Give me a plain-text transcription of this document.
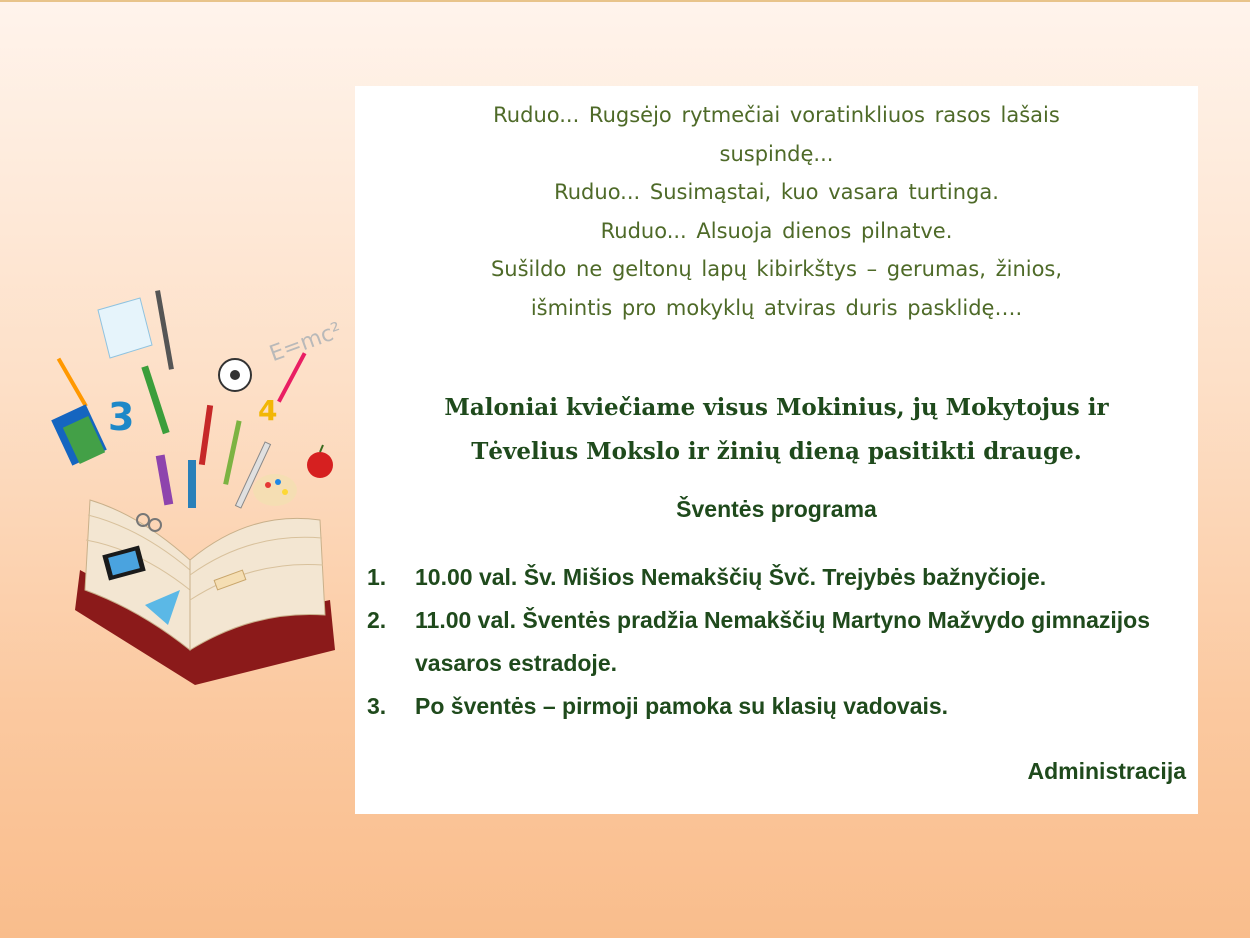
3	4
E=mc²
Ruduo... Rugsėjo rytmečiai voratinkliuos rasos lašais
suspindę...
Ruduo... Susimąstai, kuo vasara turtinga.
Ruduo... Alsuoja dienos pilnatve.
Sušildo ne geltonų lapų kibirkštys – gerumas, žinios,
išmintis pro mokyklų atviras duris pasklidę….
Maloniai kviečiame visus Mokinius, jų Mokytojus ir
Tėvelius Mokslo ir žinių dieną pasitikti drauge.
Šventės programa
1. 10.00 val. Šv. Mišios Nemakščių Švč. Trejybės bažnyčioje.
2. 11.00 val. Šventės pradžia Nemakščių Martyno Mažvydo gimnazijos vasaros estradoje.
3. Po šventės – pirmoji pamoka su klasių vadovais.
Administracija
